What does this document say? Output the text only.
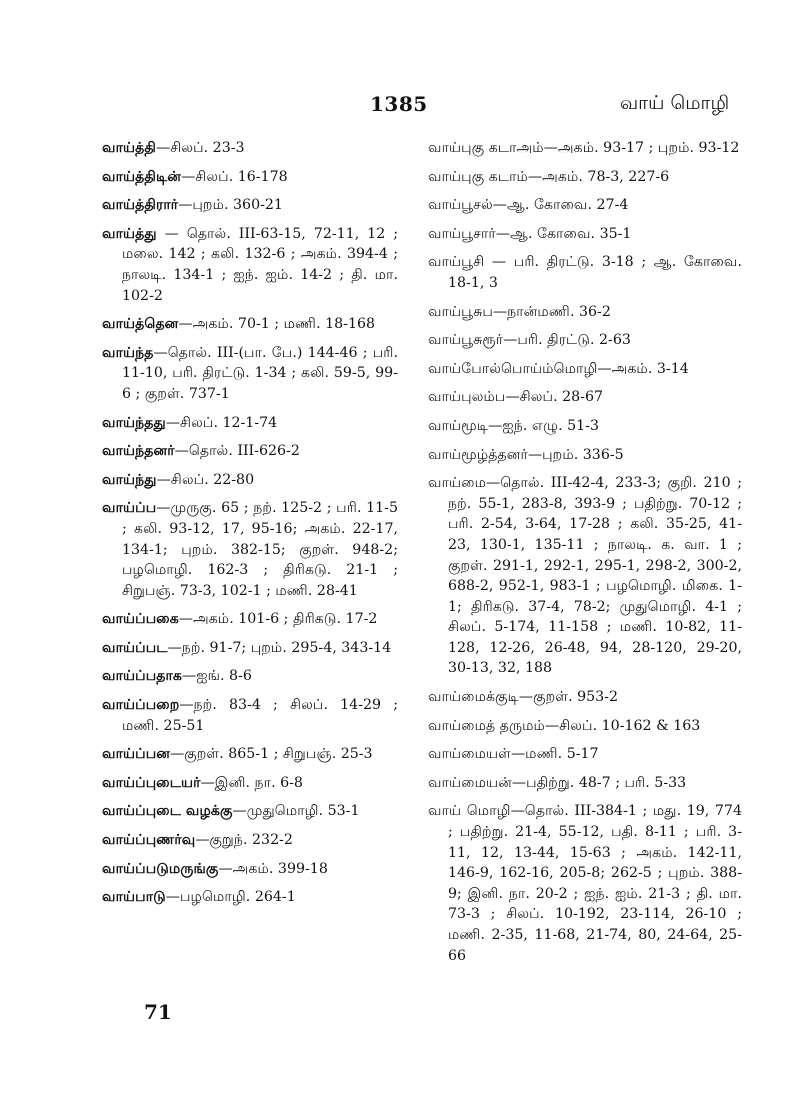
1385	வாய் மொழி
வாய்த்தி—சிலப். 23-3
வாய்த்திடின்—சிலப். 16-178
வாய்த்திரார்—புறம். 360-21
வாய்த்து — தொல். III-63-15, 72-11, 12 ; மலை. 142 ; கலி. 132-6 ; அகம். 394-4 ; நாலடி. 134-1 ; ஐந். ஐம். 14-2 ; தி. மா. 102-2
வாய்த்தென—அகம். 70-1 ; மணி. 18-168
வாய்ந்த—தொல். III-(பா. பே.) 144-46 ; பரி. 11-10, பரி. திரட்டு. 1-34 ; கலி. 59-5, 99-6 ; குறள். 737-1
வாய்ந்தது—சிலப். 12-1-74
வாய்ந்தனர்—தொல். III-626-2
வாய்ந்து—சிலப். 22-80
வாய்ப்ப—முருகு. 65 ; நற். 125-2 ; பரி. 11-5 ; கலி. 93-12, 17, 95-16; அகம். 22-17, 134-1; புறம். 382-15; குறள். 948-2; பழமொழி. 162-3 ; திரிகடு. 21-1 ; சிறுபஞ். 73-3, 102-1 ; மணி. 28-41
வாய்ப்பகை—அகம். 101-6 ; திரிகடு. 17-2
வாய்ப்பட—நற். 91-7; புறம். 295-4, 343-14
வாய்ப்பதாக—ஐங். 8-6
வாய்ப்பறை—நற். 83-4 ; சிலப். 14-29 ; மணி. 25-51
வாய்ப்பன—குறள். 865-1 ; சிறுபஞ். 25-3
வாய்ப்புடையர்—இனி. நா. 6-8
வாய்ப்புடை வழக்கு—முதுமொழி. 53-1
வாய்ப்புணர்வு—குறுந். 232-2
வாய்ப்படுமருங்கு—அகம். 399-18
வாய்பாடு—பழமொழி. 264-1
வாய்புகு கடாஅம்—அகம். 93-17 ; புறம். 93-12
வாய்புகு கடாம்—அகம். 78-3, 227-6
வாய்பூசல்—ஆ. கோவை. 27-4
வாய்பூசார்—ஆ. கோவை. 35-1
வாய்பூசி — பரி. திரட்டு. 3-18 ; ஆ. கோவை. 18-1, 3
வாய்பூசுப—நான்மணி. 36-2
வாய்பூசுரூர்—பரி. திரட்டு. 2-63
வாய்போல்பொய்ம்மொழி—அகம். 3-14
வாய்புலம்ப—சிலப். 28-67
வாய்மூடி—ஐந். எழு. 51-3
வாய்மூழ்த்தனர்—புறம். 336-5
வாய்மை—தொல். III-42-4, 233-3; குறி. 210 ; நற். 55-1, 283-8, 393-9 ; பதிற்று. 70-12 ; பரி. 2-54, 3-64, 17-28 ; கலி. 35-25, 41-23, 130-1, 135-11 ; நாலடி. க. வா. 1 ; குறள். 291-1, 292-1, 295-1, 298-2, 300-2, 688-2, 952-1, 983-1 ; பழமொழி. மிகை. 1-1; திரிகடு. 37-4, 78-2; முதுமொழி. 4-1 ; சிலப். 5-174, 11-158 ; மணி. 10-82, 11-128, 12-26, 26-48, 94, 28-120, 29-20, 30-13, 32, 188
வாய்மைக்குடி—குறள். 953-2
வாய்மைத் தருமம்—சிலப். 10-162 & 163
வாய்மையள்—மணி. 5-17
வாய்மையன்—பதிற்று. 48-7 ; பரி. 5-33
வாய் மொழி—தொல். III-384-1 ; மது. 19, 774 ; பதிற்று. 21-4, 55-12, பதி. 8-11 ; பரி. 3-11, 12, 13-44, 15-63 ; அகம். 142-11, 146-9, 162-16, 205-8; 262-5 ; புறம். 388-9; இனி. நா. 20-2 ; ஐந். ஐம். 21-3 ; தி. மா. 73-3 ; சிலப். 10-192, 23-114, 26-10 ; மணி. 2-35, 11-68, 21-74, 80, 24-64, 25-66
71
